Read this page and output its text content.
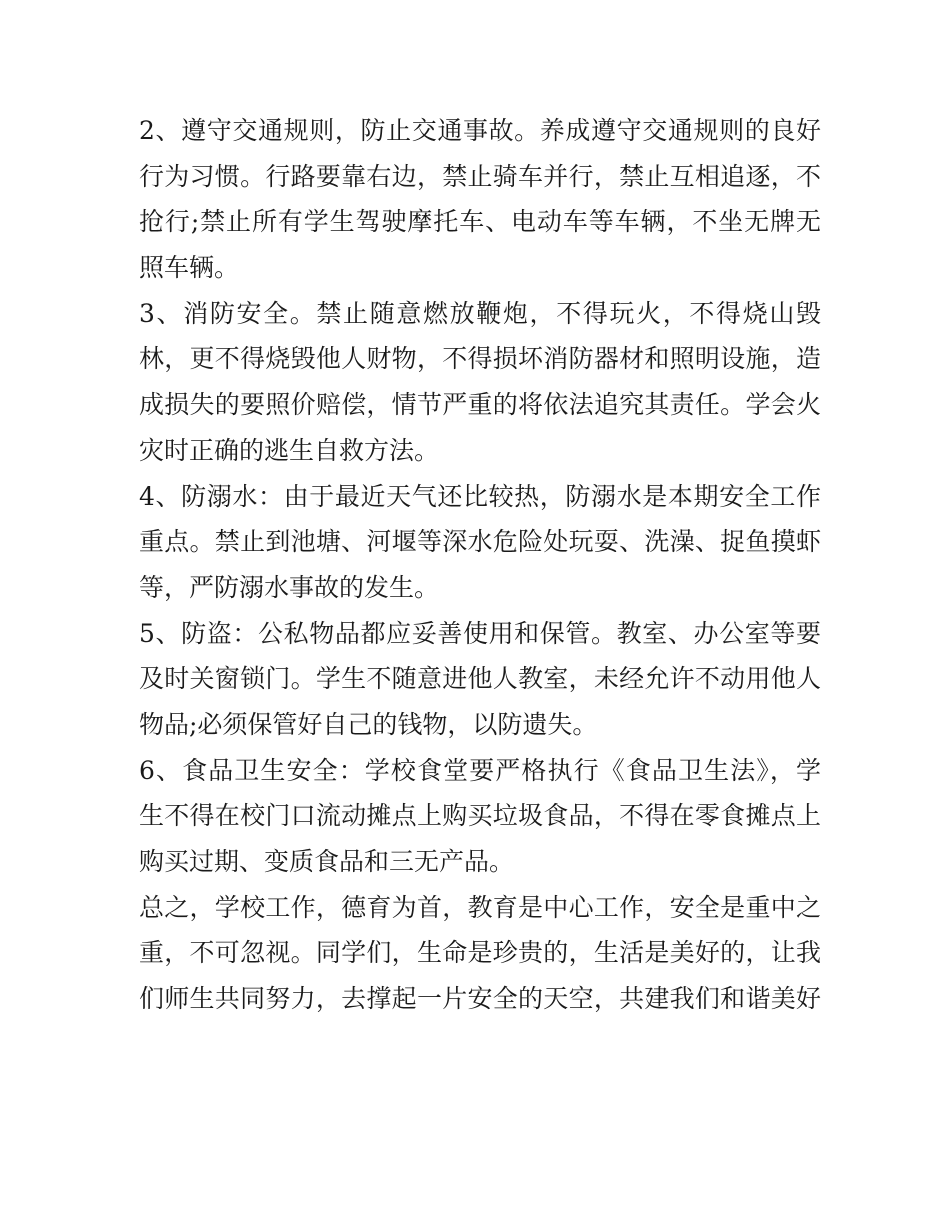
2、遵守交通规则，防止交通事故。养成遵守交通规则的良好
行为习惯。行路要靠右边，禁止骑车并行，禁止互相追逐，不
抢行;禁止所有学生驾驶摩托车、电动车等车辆，不坐无牌无
照车辆。
3、消防安全。禁止随意燃放鞭炮，不得玩火，不得烧山毁
林，更不得烧毁他人财物，不得损坏消防器材和照明设施，造
成损失的要照价赔偿，情节严重的将依法追究其责任。学会火
灾时正确的逃生自救方法。
4、防溺水：由于最近天气还比较热，防溺水是本期安全工作
重点。禁止到池塘、河堰等深水危险处玩耍、洗澡、捉鱼摸虾
等，严防溺水事故的发生。
5、防盗：公私物品都应妥善使用和保管。教室、办公室等要
及时关窗锁门。学生不随意进他人教室，未经允许不动用他人
物品;必须保管好自己的钱物，以防遗失。
6、食品卫生安全：学校食堂要严格执行《食品卫生法》，学
生不得在校门口流动摊点上购买垃圾食品，不得在零食摊点上
购买过期、变质食品和三无产品。
总之，学校工作，德育为首，教育是中心工作，安全是重中之
重，不可忽视。同学们，生命是珍贵的，生活是美好的，让我
们师生共同努力，去撑起一片安全的天空，共建我们和谐美好
